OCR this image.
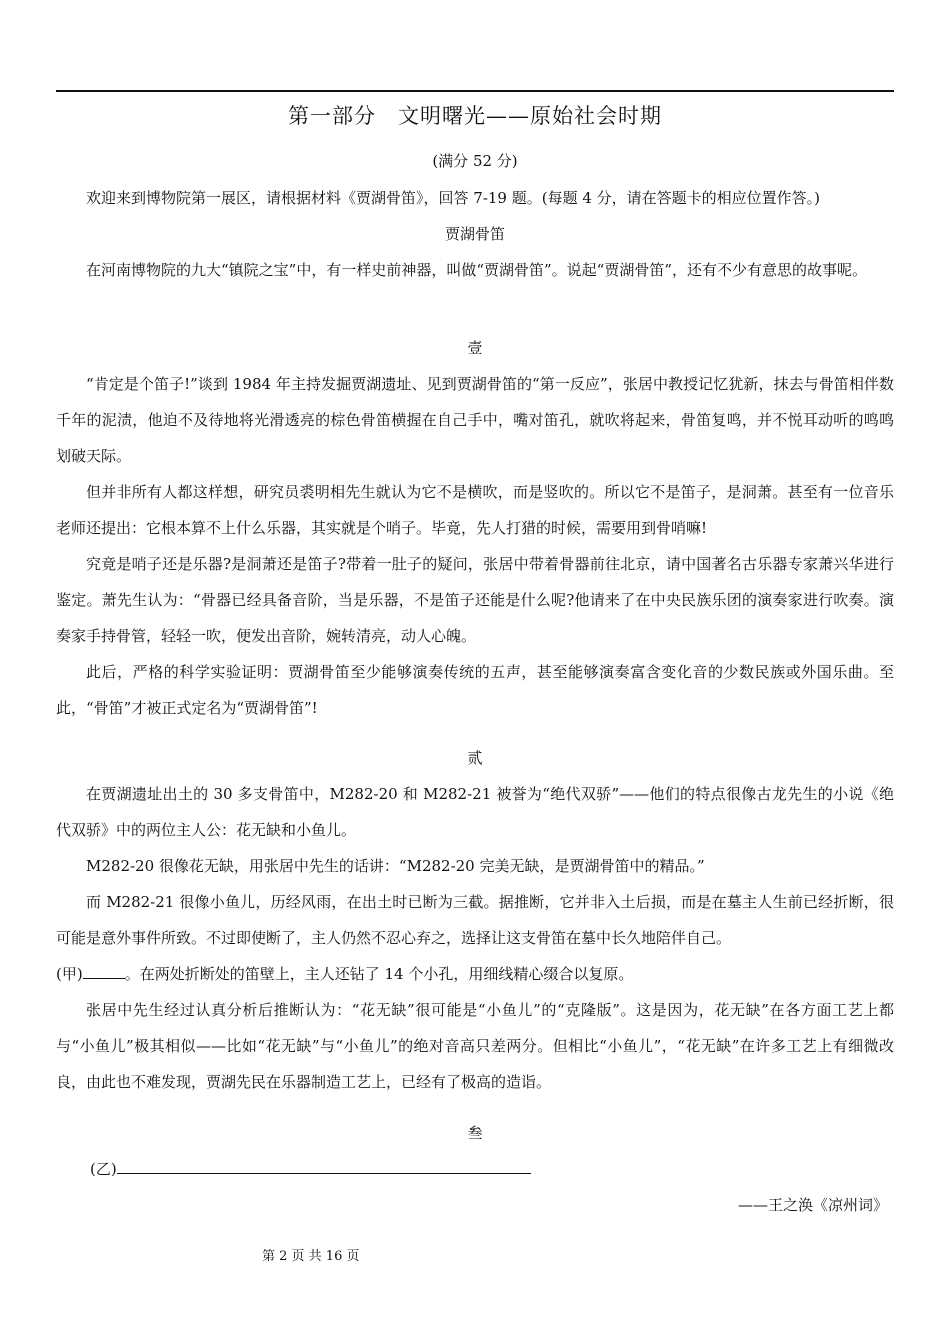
第一部分　文明曙光——原始社会时期
(满分 52 分)

欢迎来到博物院第一展区，请根据材料《贾湖骨笛》，回答 7-19 题。(每题 4 分，请在答题卡的相应位置作答。)

贾湖骨笛

在河南博物院的九大“镇院之宝”中，有一样史前神器，叫做“贾湖骨笛”。说起“贾湖骨笛”，还有不少有意思的故事呢。

壹

“肯定是个笛子!”谈到 1984 年主持发掘贾湖遗址、见到贾湖骨笛的“第一反应”，张居中教授记忆犹新，抹去与骨笛相伴数千年的泥渍，他迫不及待地将光滑透亮的棕色骨笛横握在自己手中，嘴对笛孔，就吹将起来，骨笛复鸣，并不悦耳动听的鸣鸣划破天际。

但并非所有人都这样想，研究员裘明相先生就认为它不是横吹，而是竖吹的。所以它不是笛子，是洞萧。甚至有一位音乐老师还提出：它根本算不上什么乐器，其实就是个哨子。毕竟，先人打猎的时候，需要用到骨哨嘛!

究竟是哨子还是乐器?是洞萧还是笛子?带着一肚子的疑问，张居中带着骨器前往北京，请中国著名古乐器专家萧兴华进行鉴定。萧先生认为：“骨器已经具备音阶，当是乐器，不是笛子还能是什么呢?他请来了在中央民族乐团的演奏家进行吹奏。演奏家手持骨管，轻轻一吹，便发出音阶，婉转清亮，动人心魄。

此后，严格的科学实验证明：贾湖骨笛至少能够演奏传统的五声，甚至能够演奏富含变化音的少数民族或外国乐曲。至此，“骨笛”才被正式定名为“贾湖骨笛”!

贰

在贾湖遗址出土的 30 多支骨笛中，M282-20 和 M282-21 被誉为“绝代双骄”——他们的特点很像古龙先生的小说《绝代双骄》中的两位主人公：花无缺和小鱼儿。

M282-20 很像花无缺，用张居中先生的话讲：“M282-20 完美无缺，是贾湖骨笛中的精品。”

而 M282-21 很像小鱼儿，历经风雨，在出土时已断为三截。据推断，它并非入土后损，而是在墓主人生前已经折断，很可能是意外事件所致。不过即使断了，主人仍然不忍心弃之，选择让这支骨笛在墓中长久地陪伴自己。

(甲)	。在两处折断处的笛壁上，主人还钻了 14 个小孔，用细线精心缀合以复原。

张居中先生经过认真分析后推断认为：“花无缺”很可能是“小鱼儿”的“克隆版”。这是因为，花无缺”在各方面工艺上都与“小鱼儿”极其相似——比如“花无缺”与“小鱼儿”的绝对音高只差两分。但相比“小鱼儿”，“花无缺”在许多工艺上有细微改良，由此也不难发现，贾湖先民在乐器制造工艺上，已经有了极高的造诣。

叁

(乙)

——王之涣《凉州词》

第 2 页 共 16 页
